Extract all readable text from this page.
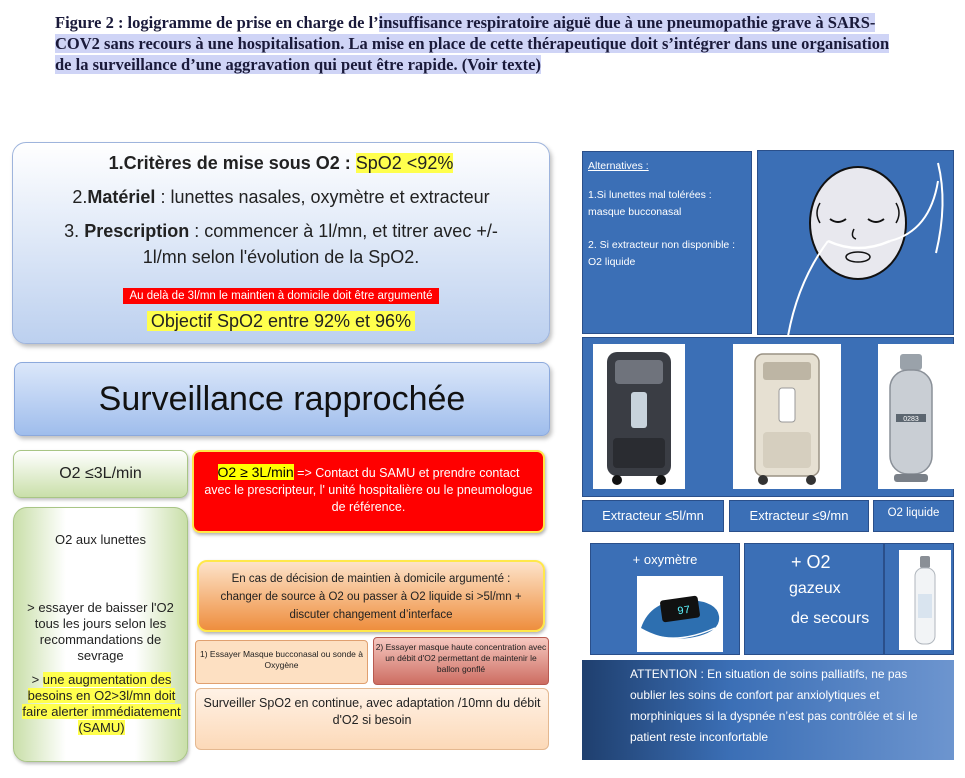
Figure 2 : logigramme de prise en charge de l’insuffisance respiratoire aiguë due à une pneumopathie grave à SARS-COV2 sans recours à une hospitalisation. La mise en place de cette thérapeutique doit s’intégrer dans une organisation de la surveillance d’une aggravation qui peut être rapide. (Voir texte)
1.Critères de mise sous O2 : SpO2 <92%
2.Matériel : lunettes nasales, oxymètre et extracteur
3. Prescription : commencer à 1l/mn, et titrer avec +/-
1l/mn selon l'évolution de la SpO2.
Au delà de 3l/mn le maintien à domicile doit être argumenté
Objectif SpO2 entre 92% et 96%
Surveillance rapprochée
O2 ≤3L/min	O2 ≥ 3L/min => Contact du SAMU et prendre contact avec le prescripteur, l' unité hospitalière ou le pneumologue de référence.
O2 aux lunettes
> essayer de baisser l'O2 tous les jours selon les recommandations de sevrage
> une augmentation des besoins en O2>3l/mn doit faire alerter immédiatement (SAMU)
En cas de décision de maintien à domicile argumenté :
changer de source à O2 ou passer à O2 liquide si >5l/mn +
discuter changement d’interface
1) Essayer Masque bucconasal ou sonde à Oxygène
2) Essayer masque haute concentration avec un débit d'O2 permettant de maintenir le ballon gonflé
Surveiller SpO2 en continue, avec adaptation /10mn du débit d'O2 si besoin
Alternatives :
1.Si lunettes mal tolérées : masque bucconasal
2. Si extracteur non disponible : O2 liquide
0283
Extracteur ≤5l/mn	Extracteur ≤9/mn	O2 liquide
+ oxymètre
97
+ O2
gazeux
de secours
ATTENTION : En situation de soins palliatifs, ne pas oublier les soins de confort par anxiolytiques et morphiniques si la dyspnée n’est pas contrôlée et si le patient reste inconfortable
